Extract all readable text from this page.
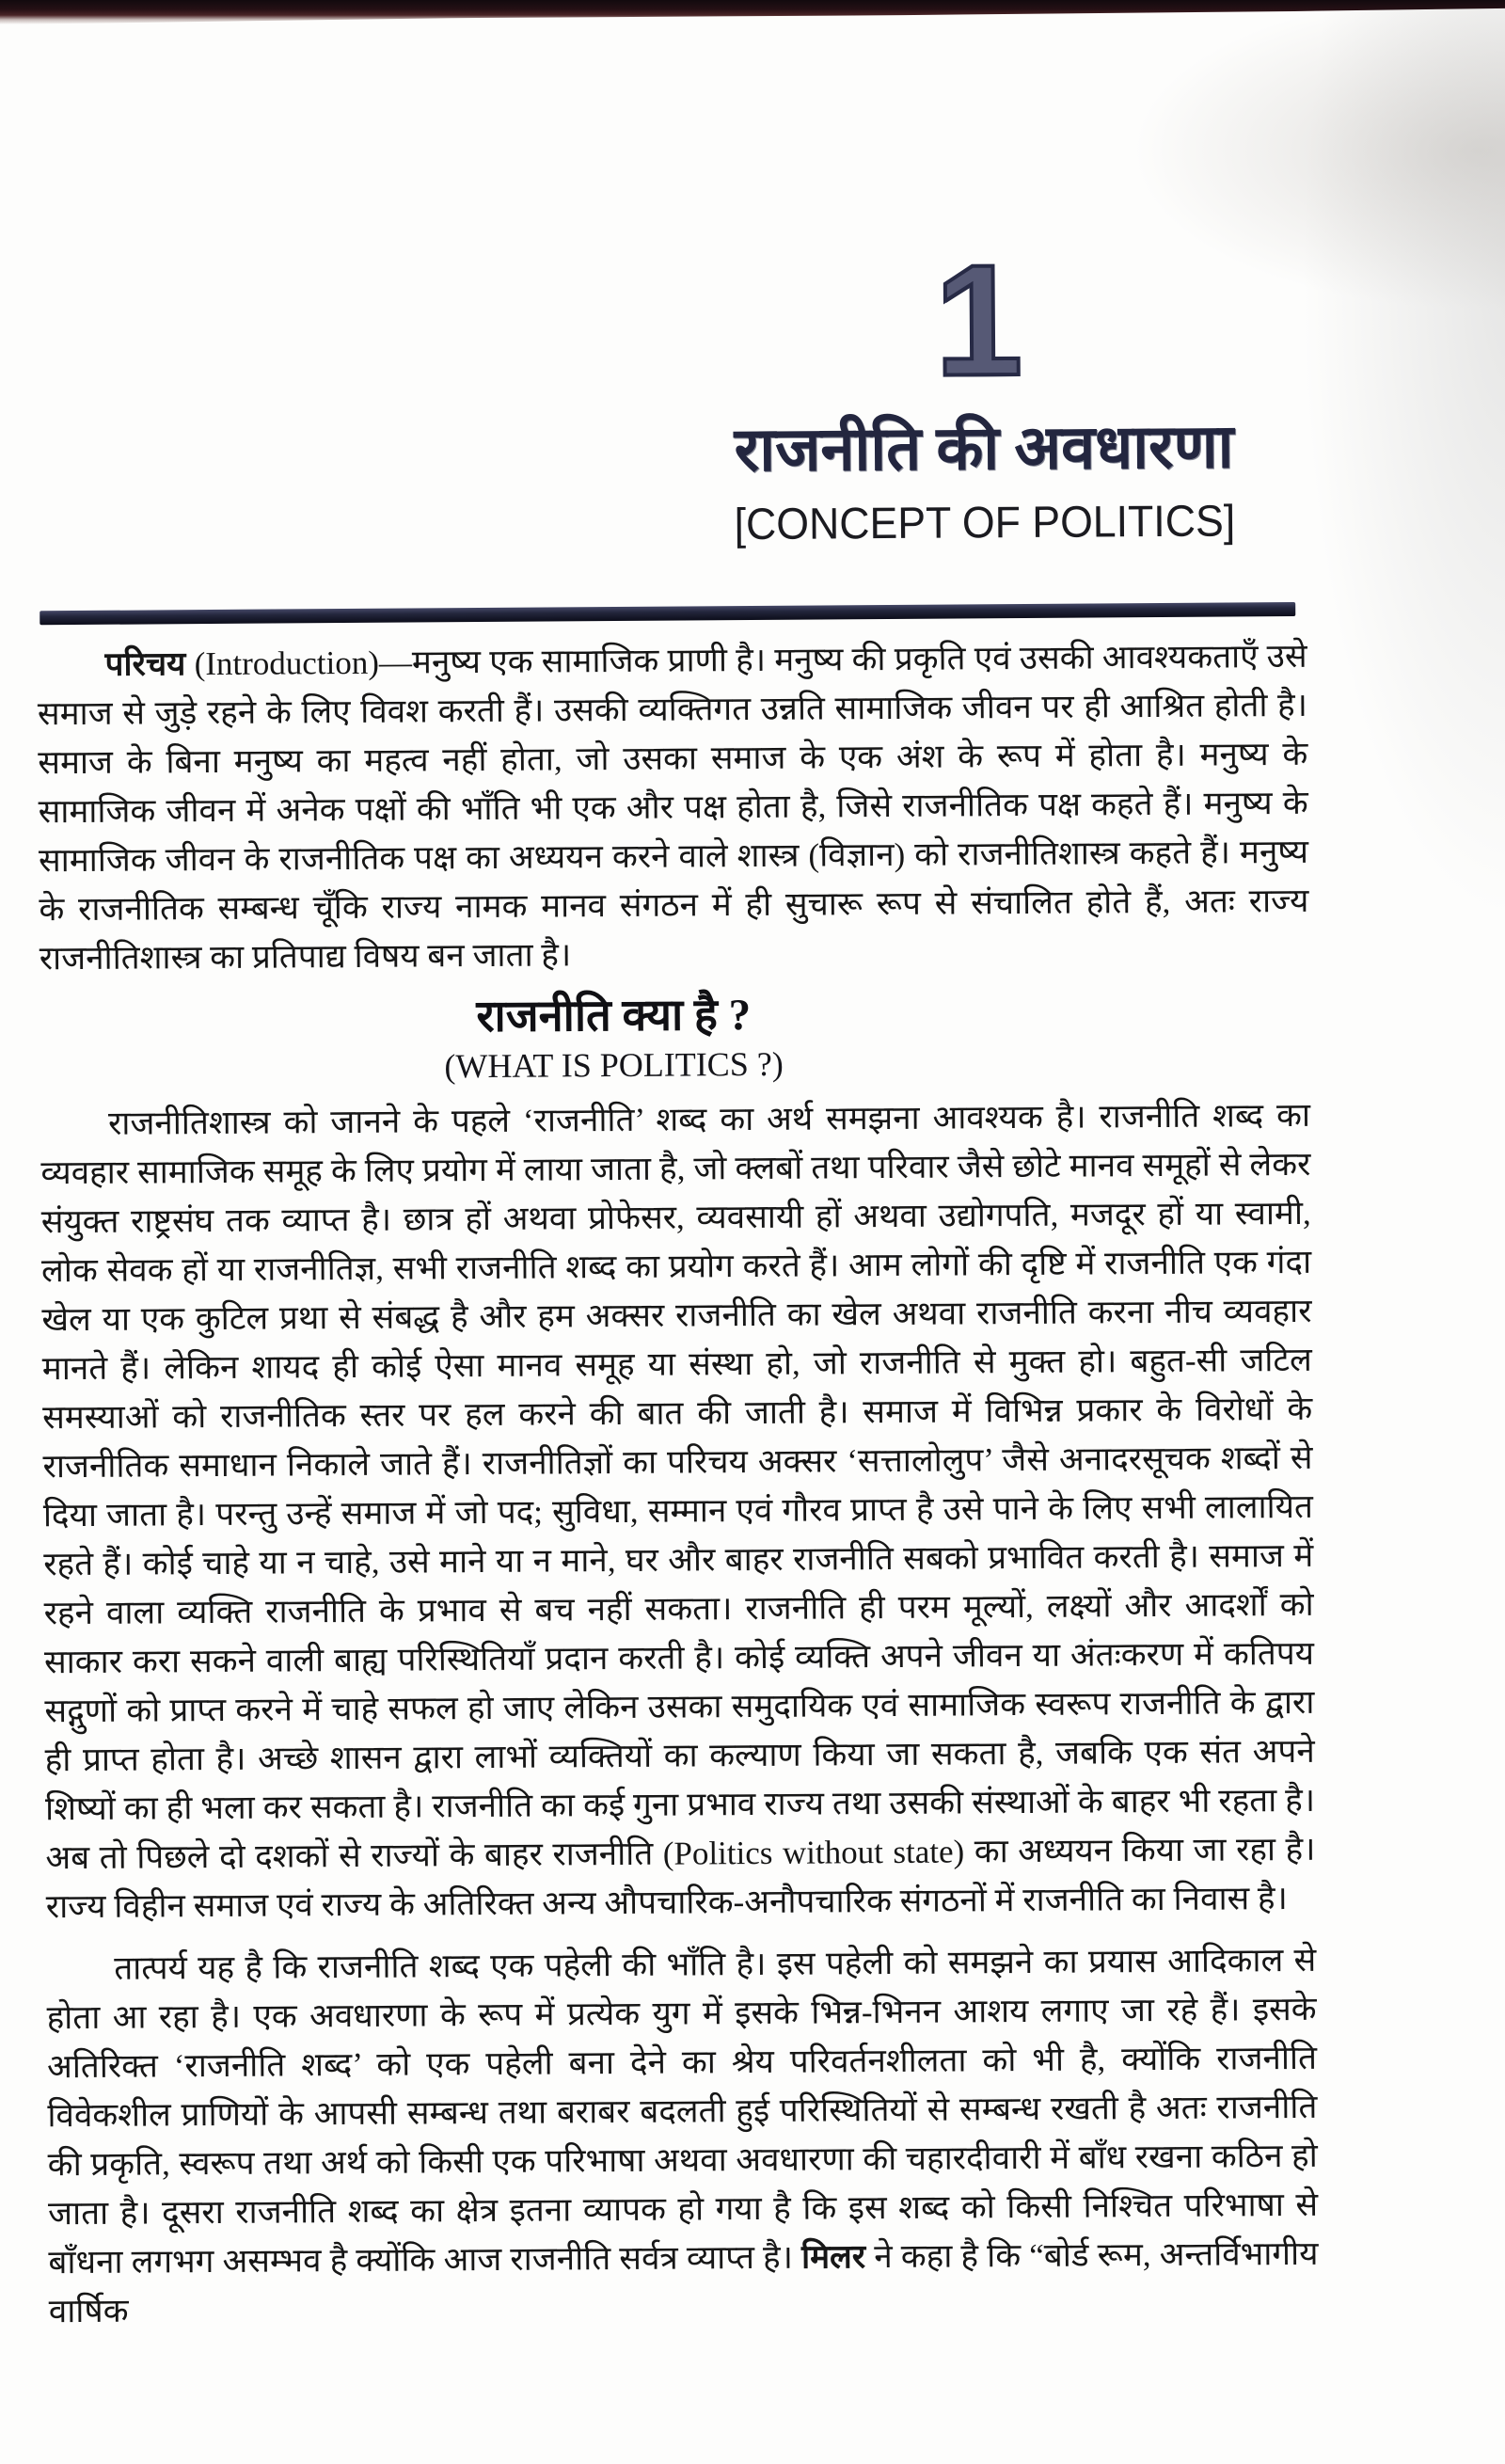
1
राजनीति की अवधारणा
[CONCEPT OF POLITICS]

परिचय (Introduction)—मनुष्य एक सामाजिक प्राणी है। मनुष्य की प्रकृति एवं उसकी आवश्यकताएँ उसे समाज से जुड़े रहने के लिए विवश करती हैं। उसकी व्यक्तिगत उन्नति सामाजिक जीवन पर ही आश्रित होती है। समाज के बिना मनुष्य का महत्व नहीं होता, जो उसका समाज के एक अंश के रूप में होता है। मनुष्य के सामाजिक जीवन में अनेक पक्षों की भाँति भी एक और पक्ष होता है, जिसे राजनीतिक पक्ष कहते हैं। मनुष्य के सामाजिक जीवन के राजनीतिक पक्ष का अध्ययन करने वाले शास्त्र (विज्ञान) को राजनीतिशास्त्र कहते हैं। मनुष्य के राजनीतिक सम्बन्ध चूँकि राज्य नामक मानव संगठन में ही सुचारू रूप से संचालित होते हैं, अतः राज्य राजनीतिशास्त्र का प्रतिपाद्य विषय बन जाता है।

राजनीति क्या है ?
(WHAT IS POLITICS ?)

राजनीतिशास्त्र को जानने के पहले ‘राजनीति’ शब्द का अर्थ समझना आवश्यक है। राजनीति शब्द का व्यवहार सामाजिक समूह के लिए प्रयोग में लाया जाता है, जो क्लबों तथा परिवार जैसे छोटे मानव समूहों से लेकर संयुक्त राष्ट्रसंघ तक व्याप्त है। छात्र हों अथवा प्रोफेसर, व्यवसायी हों अथवा उद्योगपति, मजदूर हों या स्वामी, लोक सेवक हों या राजनीतिज्ञ, सभी राजनीति शब्द का प्रयोग करते हैं। आम लोगों की दृष्टि में राजनीति एक गंदा खेल या एक कुटिल प्रथा से संबद्ध है और हम अक्सर राजनीति का खेल अथवा राजनीति करना नीच व्यवहार मानते हैं। लेकिन शायद ही कोई ऐसा मानव समूह या संस्था हो, जो राजनीति से मुक्त हो। बहुत-सी जटिल समस्याओं को राजनीतिक स्तर पर हल करने की बात की जाती है। समाज में विभिन्न प्रकार के विरोधों के राजनीतिक समाधान निकाले जाते हैं। राजनीतिज्ञों का परिचय अक्सर ‘सत्तालोलुप’ जैसे अनादरसूचक शब्दों से दिया जाता है। परन्तु उन्हें समाज में जो पद; सुविधा, सम्मान एवं गौरव प्राप्त है उसे पाने के लिए सभी लालायित रहते हैं। कोई चाहे या न चाहे, उसे माने या न माने, घर और बाहर राजनीति सबको प्रभावित करती है। समाज में रहने वाला व्यक्ति राजनीति के प्रभाव से बच नहीं सकता। राजनीति ही परम मूल्यों, लक्ष्यों और आदर्शों को साकार करा सकने वाली बाह्य परिस्थितियाँ प्रदान करती है। कोई व्यक्ति अपने जीवन या अंतःकरण में कतिपय सद्गुणों को प्राप्त करने में चाहे सफल हो जाए लेकिन उसका समुदायिक एवं सामाजिक स्वरूप राजनीति के द्वारा ही प्राप्त होता है। अच्छे शासन द्वारा लाभों व्यक्तियों का कल्याण किया जा सकता है, जबकि एक संत अपने शिष्यों का ही भला कर सकता है। राजनीति का कई गुना प्रभाव राज्य तथा उसकी संस्थाओं के बाहर भी रहता है। अब तो पिछले दो दशकों से राज्यों के बाहर राजनीति (Politics without state) का अध्ययन किया जा रहा है। राज्य विहीन समाज एवं राज्य के अतिरिक्त अन्य औपचारिक-अनौपचारिक संगठनों में राजनीति का निवास है।

तात्पर्य यह है कि राजनीति शब्द एक पहेली की भाँति है। इस पहेली को समझने का प्रयास आदिकाल से होता आ रहा है। एक अवधारणा के रूप में प्रत्येक युग में इसके भिन्न-भिनन आशय लगाए जा रहे हैं। इसके अतिरिक्त ‘राजनीति शब्द’ को एक पहेली बना देने का श्रेय परिवर्तनशीलता को भी है, क्योंकि राजनीति विवेकशील प्राणियों के आपसी सम्बन्ध तथा बराबर बदलती हुई परिस्थितियों से सम्बन्ध रखती है अतः राजनीति की प्रकृति, स्वरूप तथा अर्थ को किसी एक परिभाषा अथवा अवधारणा की चहारदीवारी में बाँध रखना कठिन हो जाता है। दूसरा राजनीति शब्द का क्षेत्र इतना व्यापक हो गया है कि इस शब्द को किसी निश्चित परिभाषा से बाँधना लगभग असम्भव है क्योंकि आज राजनीति सर्वत्र व्याप्त है। मिलर ने कहा है कि “बोर्ड रूम, अन्तर्विभागीय वार्षिक
